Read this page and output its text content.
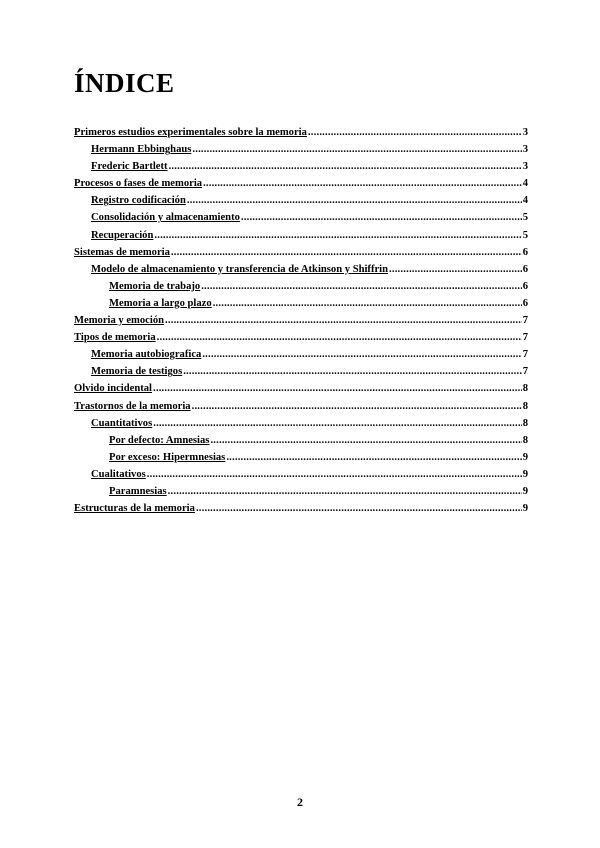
ÍNDICE
Primeros estudios experimentales sobre la memoria .....	3
Hermann Ebbinghaus .....	3
Frederic Bartlett .....	3
Procesos o fases de memoria .....	4
Registro codificación .....	4
Consolidación y almacenamiento .....	5
Recuperación .....	5
Sistemas de memoria .....	6
Modelo de almacenamiento y transferencia de Atkinson y Shiffrin .....	6
Memoria de trabajo .....	6
Memoria a largo plazo .....	6
Memoria y emoción .....	7
Tipos de memoria .....	7
Memoria autobiografica .....	7
Memoria de testigos .....	7
Olvido incidental .....	8
Trastornos de la memoria .....	8
Cuantitativos .....	8
Por defecto: Amnesias .....	8
Por exceso: Hipermnesias .....	9
Cualitativos .....	9
Paramnesias .....	9
Estructuras de la memoria .....	9
2
